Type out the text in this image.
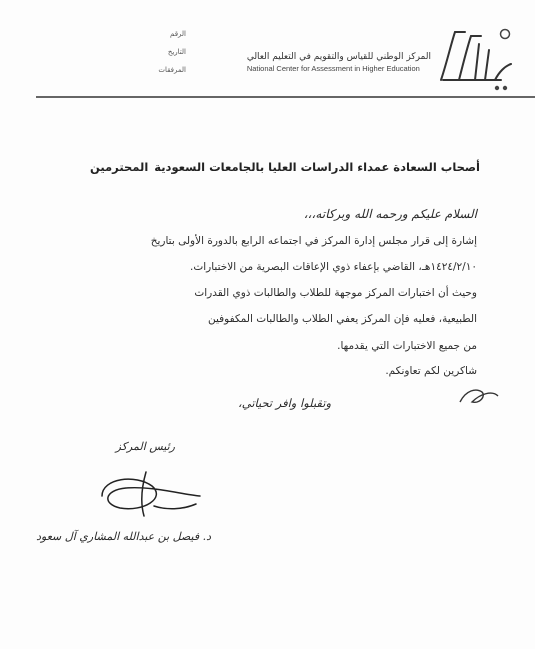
الرقم
التاريخ
المرفقات
المركز الوطني للقياس والتقويم في التعليم العالي
National Center for Assessment in Higher Education
أصحاب السعادة عمداء الدراسات العليا بالجامعات السعودية
المحترمين
السلام عليكم ورحمه الله وبركاته،،،
إشارة إلى قرار مجلس إدارة المركز في اجتماعه الرابع بالدورة الأولى بتاريخ
١٤٢٤/٢/١٠هـ، القاضي بإعفاء ذوي الإعاقات البصرية من الاختبارات.
وحيث أن اختبارات المركز موجهة للطلاب والطالبات ذوي القدرات
الطبيعية، فعليه فإن المركز يعفي الطلاب والطالبات المكفوفين
من جميع الاختبارات التي يقدمها.
شاكرين لكم تعاونكم.
وتقبلوا وافر تحياتي،
رئيس المركز
د. فيصل بن عبدالله المشاري آل سعود
